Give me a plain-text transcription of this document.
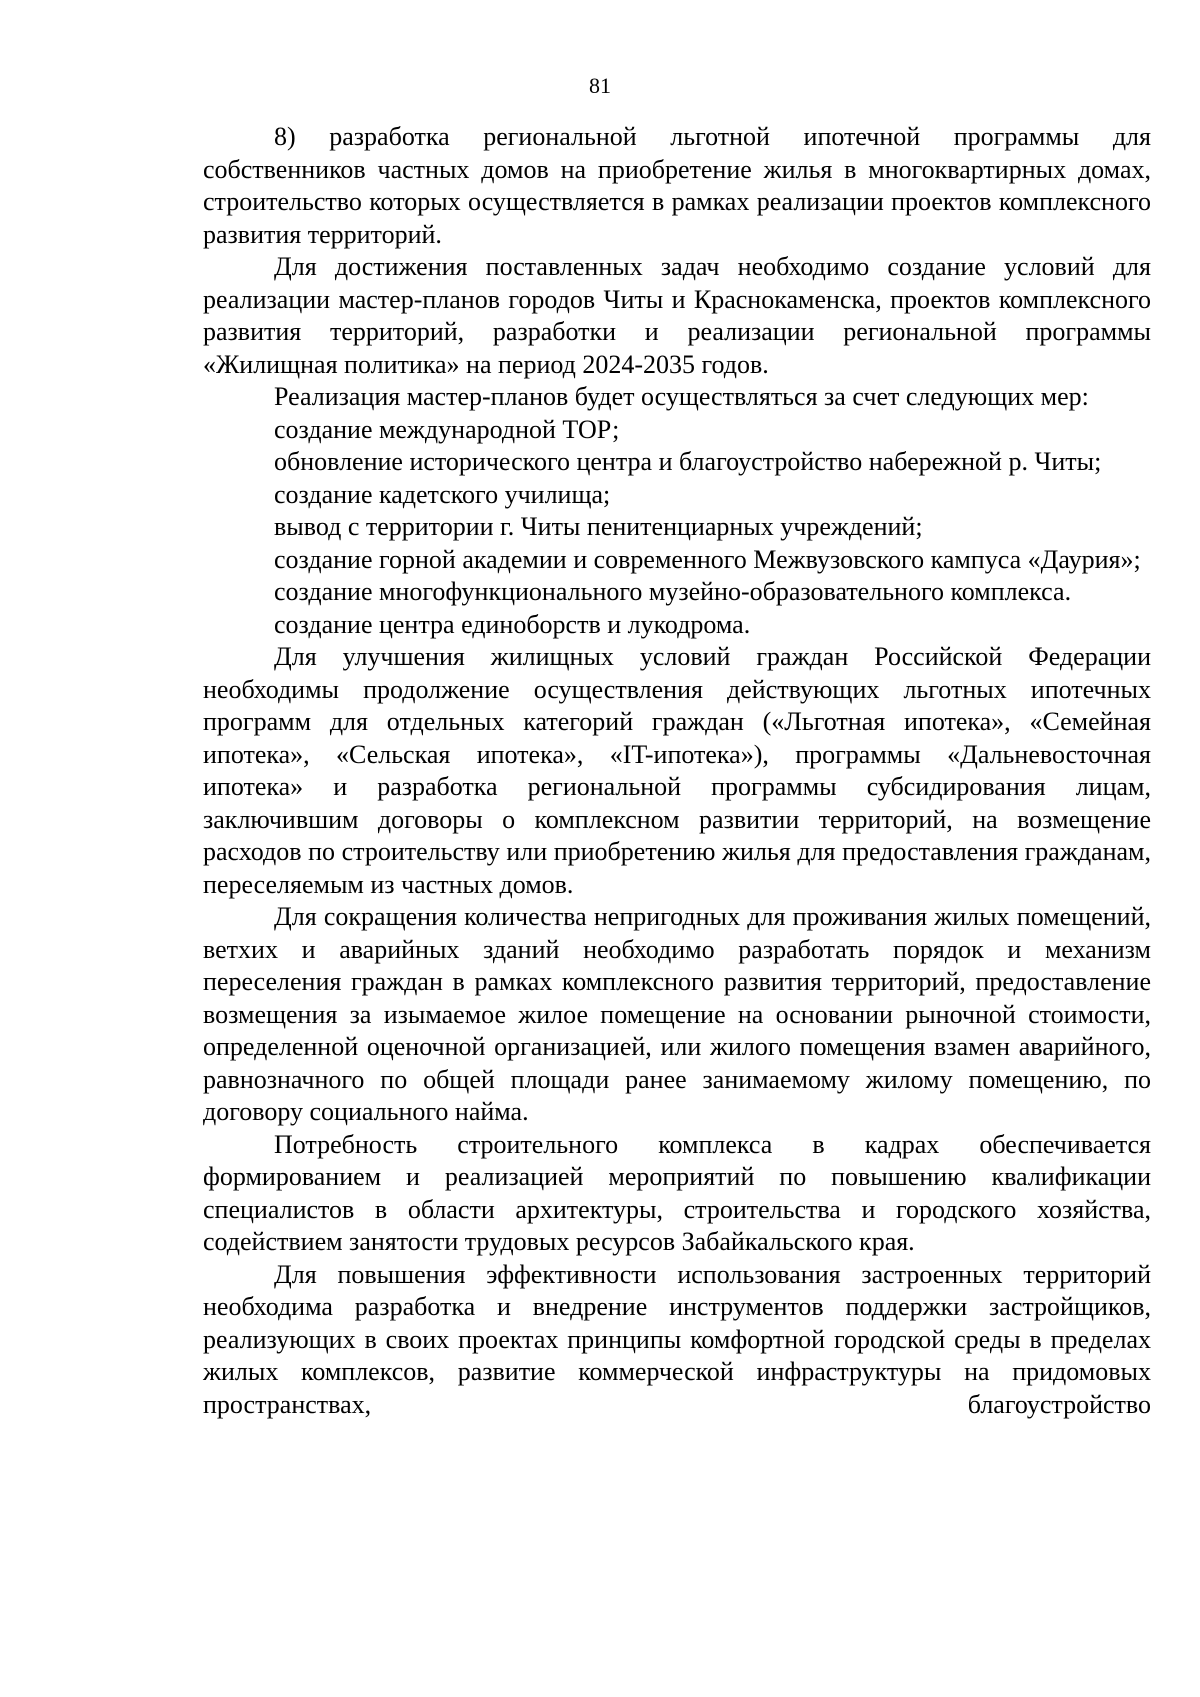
81

8) разработка региональной льготной ипотечной программы для собственников частных домов на приобретение жилья в многоквартирных домах, строительство которых осуществляется в рамках реализации проектов комплексного развития территорий.

Для достижения поставленных задач необходимо создание условий для реализации мастер-планов городов Читы и Краснокаменска, проектов комплексного развития территорий, разработки и реализации региональной программы «Жилищная политика» на период 2024-2035 годов.

Реализация мастер-планов будет осуществляться за счет следующих мер:

создание международной ТОР;

обновление исторического центра и благоустройство набережной р. Читы;

создание кадетского училища;

вывод с территории г. Читы пенитенциарных учреждений;

создание горной академии и современного Межвузовского кампуса «Даурия»;

создание многофункционального музейно-образовательного комплекса.

создание центра единоборств и лукодрома.

Для улучшения жилищных условий граждан Российской Федерации необходимы продолжение осуществления действующих льготных ипотечных программ для отдельных категорий граждан («Льготная ипотека», «Семейная ипотека», «Сельская ипотека», «IT-ипотека»), программы «Дальневосточная ипотека» и разработка региональной программы субсидирования лицам, заключившим договоры о комплексном развитии территорий, на возмещение расходов по строительству или приобретению жилья для предоставления гражданам, переселяемым из частных домов.

Для сокращения количества непригодных для проживания жилых помещений, ветхих и аварийных зданий необходимо разработать порядок и механизм переселения граждан в рамках комплексного развития территорий, предоставление возмещения за изымаемое жилое помещение на основании рыночной стоимости, определенной оценочной организацией, или жилого помещения взамен аварийного, равнозначного по общей площади ранее занимаемому жилому помещению, по договору социального найма.

Потребность строительного комплекса в кадрах обеспечивается формированием и реализацией мероприятий по повышению квалификации специалистов в области архитектуры, строительства и городского хозяйства, содействием занятости трудовых ресурсов Забайкальского края.

Для повышения эффективности использования застроенных территорий необходима разработка и внедрение инструментов поддержки застройщиков, реализующих в своих проектах принципы комфортной городской среды в пределах жилых комплексов, развитие коммерческой инфраструктуры на придомовых пространствах, благоустройство
